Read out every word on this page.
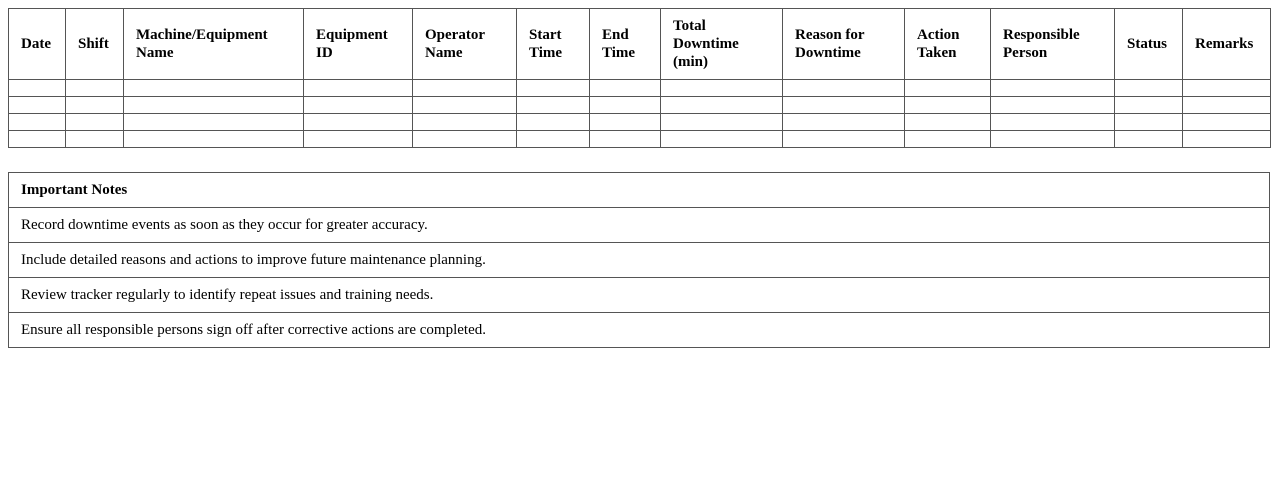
Date	Shift	Machine/Equipment Name	Equipment ID	Operator Name	Start Time	End Time	Total Downtime (min)	Reason for Downtime	Action Taken	Responsible Person	Status	Remarks

Important Notes
Record downtime events as soon as they occur for greater accuracy.
Include detailed reasons and actions to improve future maintenance planning.
Review tracker regularly to identify repeat issues and training needs.
Ensure all responsible persons sign off after corrective actions are completed.
